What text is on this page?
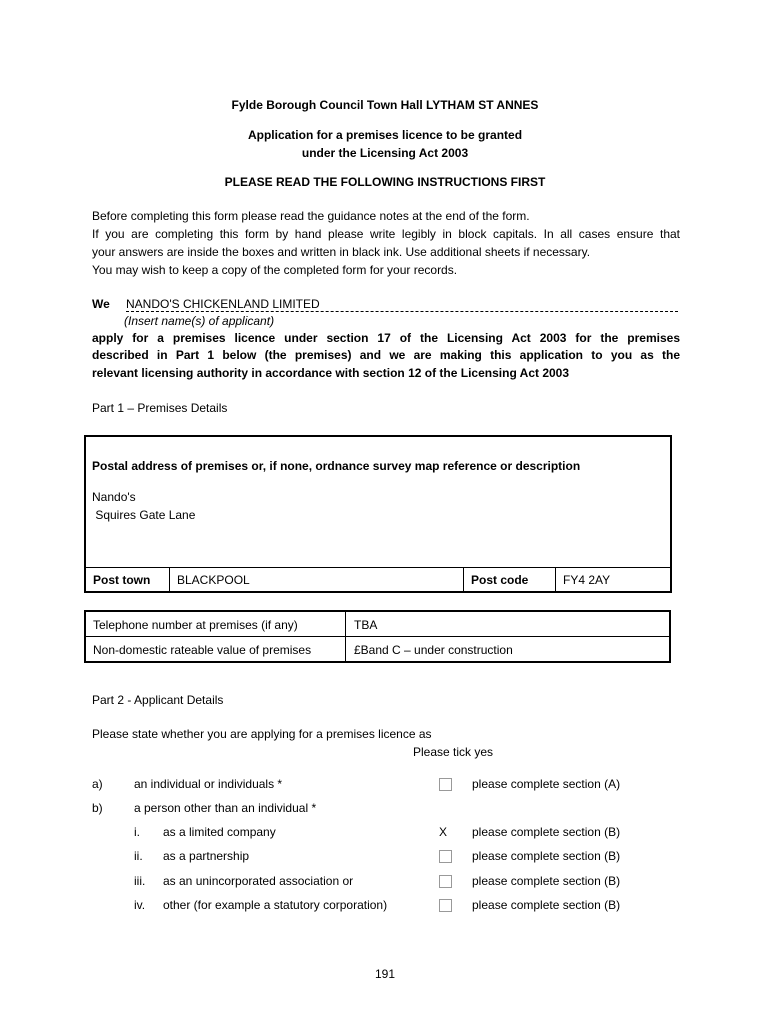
Fylde Borough Council Town Hall LYTHAM ST ANNES
Application for a premises licence to be granted
under the Licensing Act 2003
PLEASE READ THE FOLLOWING INSTRUCTIONS FIRST
Before completing this form please read the guidance notes at the end of the form.
If you are completing this form by hand please write legibly in block capitals. In all cases ensure that
your answers are inside the boxes and written in black ink. Use additional sheets if necessary.
You may wish to keep a copy of the completed form for your records.
We NANDO'S CHICKENLAND LIMITED
(Insert name(s) of applicant)
apply for a premises licence under section 17 of the Licensing Act 2003 for the premises
described in Part 1 below (the premises) and we are making this application to you as the
relevant licensing authority in accordance with section 12 of the Licensing Act 2003
Part 1 – Premises Details
Postal address of premises or, if none, ordnance survey map reference or description
Nando's
Squires Gate Lane
Post town BLACKPOOL	Post code	FY4 2AY
Telephone number at premises (if any)	TBA
Non-domestic rateable value of premises	£Band C – under construction
Part 2 - Applicant Details
Please state whether you are applying for a premises licence as
Please tick yes
a)	an individual or individuals *	please complete section (A)
b)	a person other than an individual *
i. as a limited company	X please complete section (B)
ii. as a partnership	please complete section (B)
iii. as an unincorporated association or	please complete section (B)
iv. other (for example a statutory corporation)	please complete section (B)
191
